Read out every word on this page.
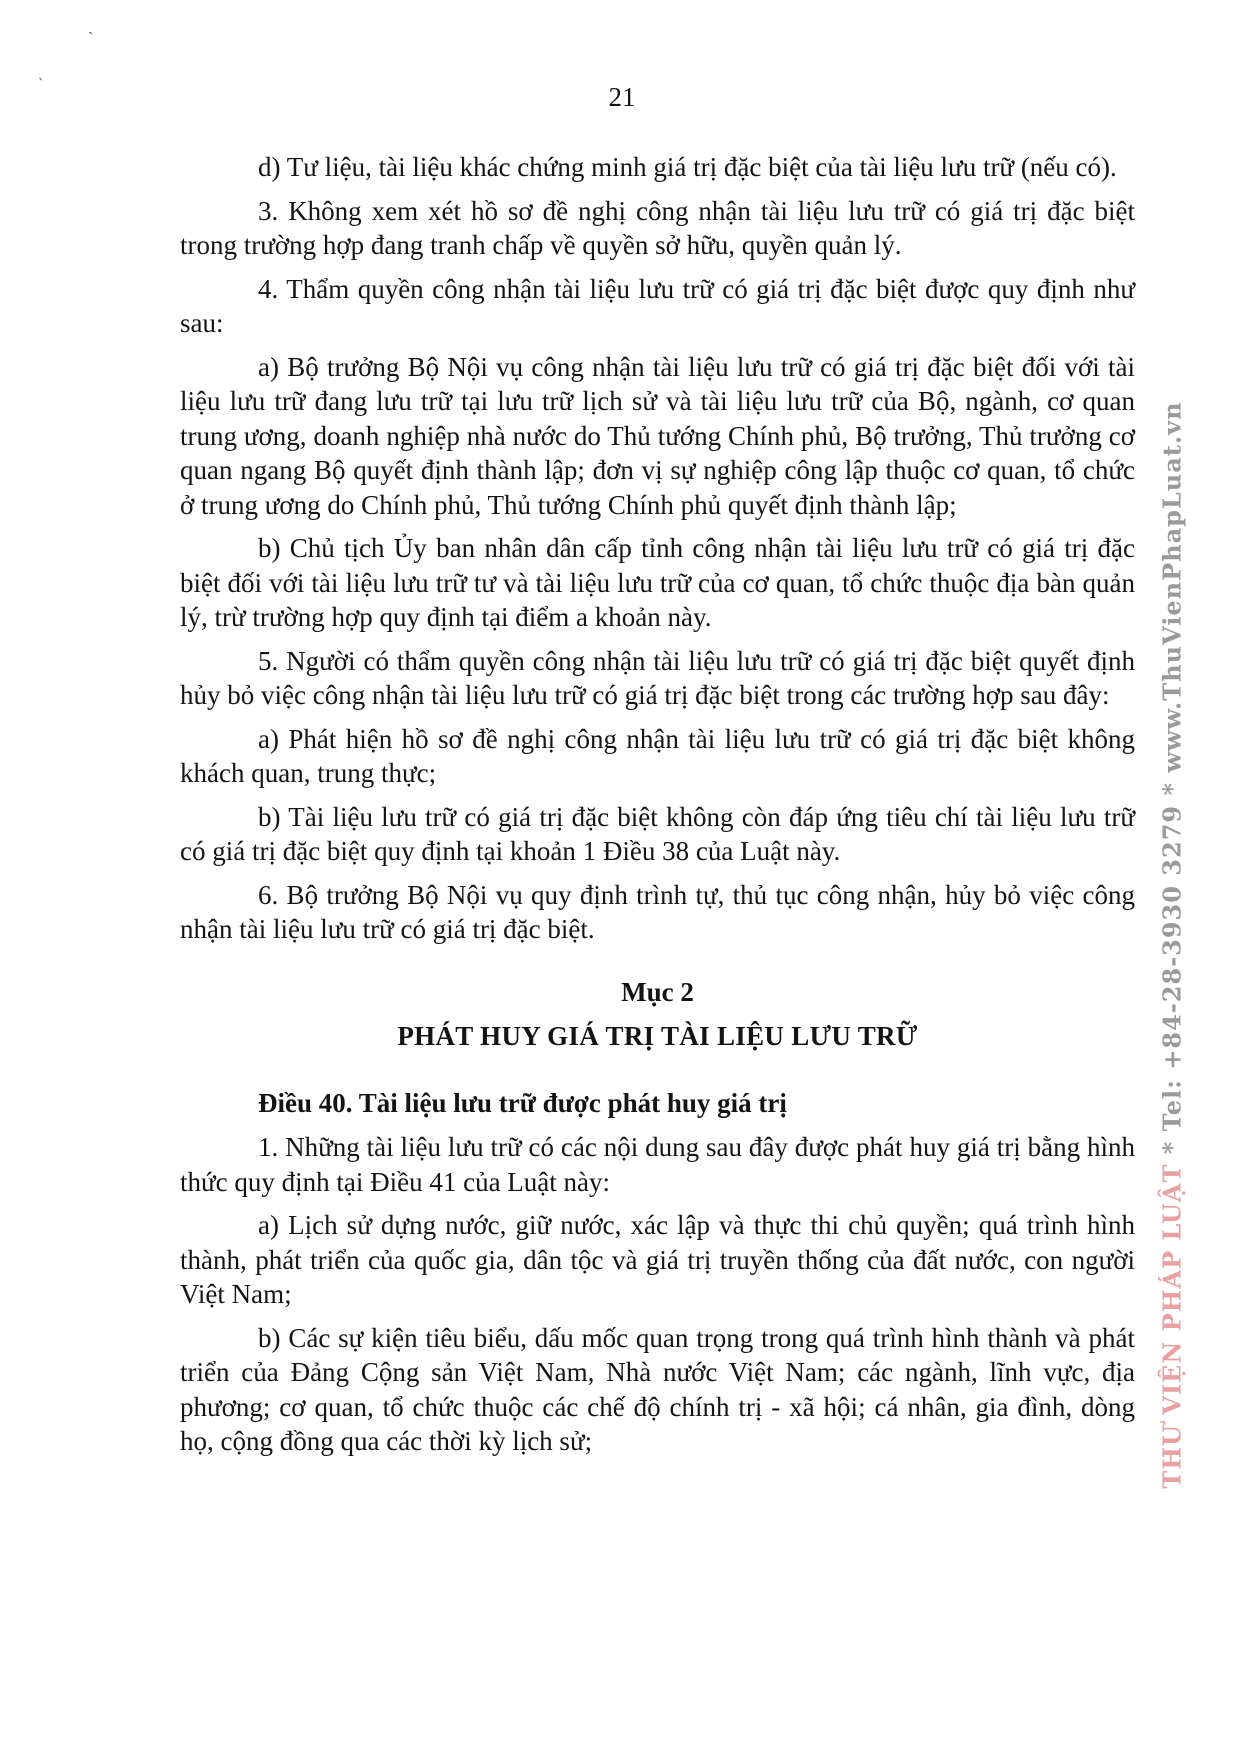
ˋ
ˋ	21

d) Tư liệu, tài liệu khác chứng minh giá trị đặc biệt của tài liệu lưu trữ (nếu có).

3. Không xem xét hồ sơ đề nghị công nhận tài liệu lưu trữ có giá trị đặc biệt trong trường hợp đang tranh chấp về quyền sở hữu, quyền quản lý.

4. Thẩm quyền công nhận tài liệu lưu trữ có giá trị đặc biệt được quy định như sau:

a) Bộ trưởng Bộ Nội vụ công nhận tài liệu lưu trữ có giá trị đặc biệt đối với tài liệu lưu trữ đang lưu trữ tại lưu trữ lịch sử và tài liệu lưu trữ của Bộ, ngành, cơ quan trung ương, doanh nghiệp nhà nước do Thủ tướng Chính phủ, Bộ trưởng, Thủ trưởng cơ quan ngang Bộ quyết định thành lập; đơn vị sự nghiệp công lập thuộc cơ quan, tổ chức ở trung ương do Chính phủ, Thủ tướng Chính phủ quyết định thành lập;

b) Chủ tịch Ủy ban nhân dân cấp tỉnh công nhận tài liệu lưu trữ có giá trị đặc biệt đối với tài liệu lưu trữ tư và tài liệu lưu trữ của cơ quan, tổ chức thuộc địa bàn quản lý, trừ trường hợp quy định tại điểm a khoản này.

5. Người có thẩm quyền công nhận tài liệu lưu trữ có giá trị đặc biệt quyết định hủy bỏ việc công nhận tài liệu lưu trữ có giá trị đặc biệt trong các trường hợp sau đây:

a) Phát hiện hồ sơ đề nghị công nhận tài liệu lưu trữ có giá trị đặc biệt không khách quan, trung thực;

b) Tài liệu lưu trữ có giá trị đặc biệt không còn đáp ứng tiêu chí tài liệu lưu trữ có giá trị đặc biệt quy định tại khoản 1 Điều 38 của Luật này.

6. Bộ trưởng Bộ Nội vụ quy định trình tự, thủ tục công nhận, hủy bỏ việc công nhận tài liệu lưu trữ có giá trị đặc biệt.

Mục 2

PHÁT HUY GIÁ TRỊ TÀI LIỆU LƯU TRỮ

Điều 40. Tài liệu lưu trữ được phát huy giá trị

1. Những tài liệu lưu trữ có các nội dung sau đây được phát huy giá trị bằng hình thức quy định tại Điều 41 của Luật này:

a) Lịch sử dựng nước, giữ nước, xác lập và thực thi chủ quyền; quá trình hình thành, phát triển của quốc gia, dân tộc và giá trị truyền thống của đất nước, con người Việt Nam;

b) Các sự kiện tiêu biểu, dấu mốc quan trọng trong quá trình hình thành và phát triển của Đảng Cộng sản Việt Nam, Nhà nước Việt Nam; các ngành, lĩnh vực, địa phương; cơ quan, tổ chức thuộc các chế độ chính trị - xã hội; cá nhân, gia đình, dòng họ, cộng đồng qua các thời kỳ lịch sử;	THƯ VIỆN PHÁP LUẬT * Tel: +84-28-3930 3279 * www.ThuVienPhapLuat.vn
